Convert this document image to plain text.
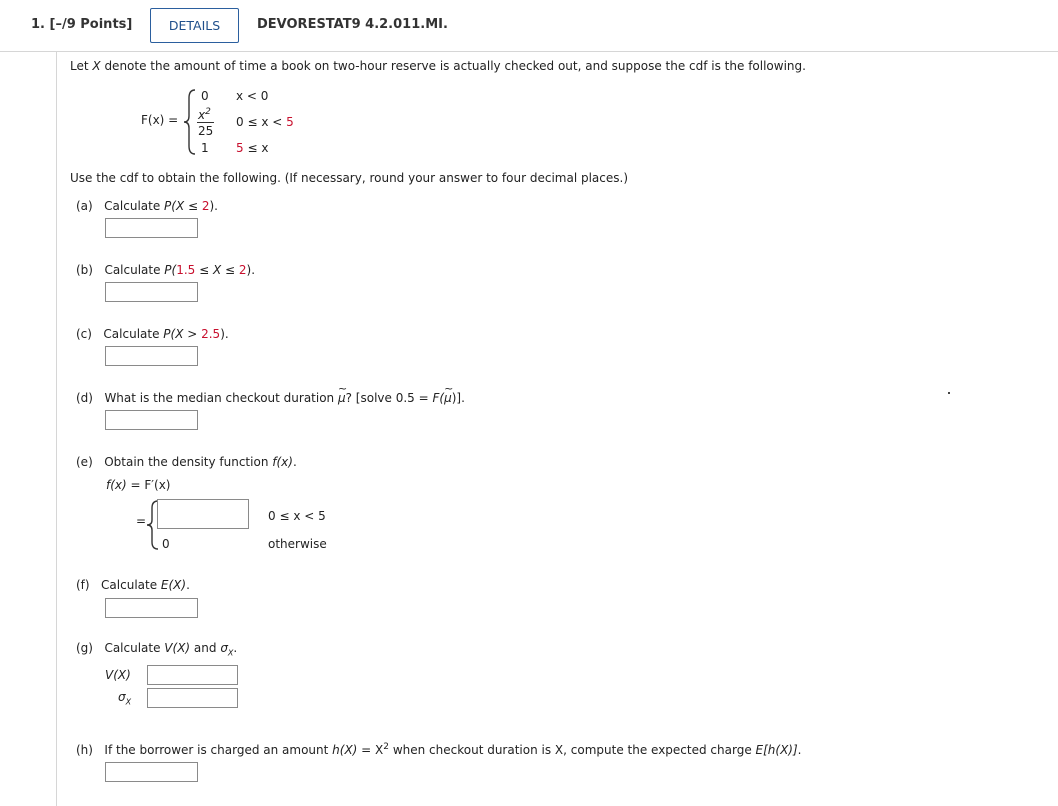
1. [–/9 Points]	DETAILS	DEVORESTAT9 4.2.011.MI.
Let X denote the amount of time a book on two-hour reserve is actually checked out, and suppose the cdf is the following.
F(x) =
0 x < 0
$x^2$
25
0 ≤ x < 5
1 5 ≤ x
Use the cdf to obtain the following. (If necessary, round your answer to four decimal places.)
(a) Calculate P(X ≤ 2).
(b) Calculate P(1.5 ≤ X ≤ 2).
(c) Calculate P(X > 2.5).
(d) What is the median checkout duration ~ μ? [solve 0.5 = F(~ μ)].
(e) Obtain the density function f(x).
f(x) = F′(x)
=
0
0 ≤ x < 5
otherwise
(f) Calculate E(X).
(g) Calculate V(X) and $\sigma_X$.
V(X)
$\sigma_X$
(h) If the borrower is charged an amount $h(X) = X^2$ when checkout duration is X, compute the expected charge E[h(X)].
